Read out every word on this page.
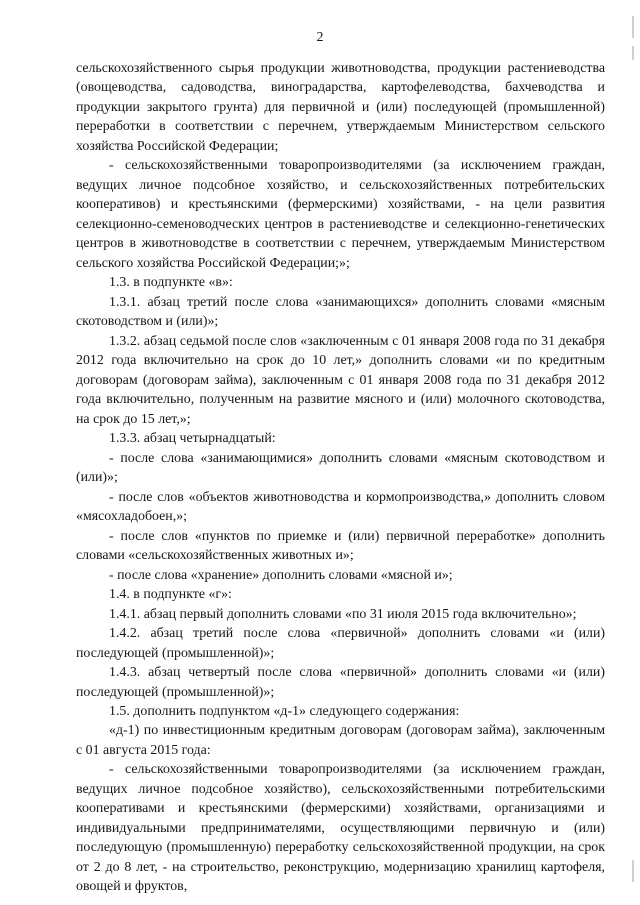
2

сельскохозяйственного сырья продукции животноводства, продукции растениеводства (овощеводства, садоводства, виноградарства, картофелеводства, бахчеводства и продукции закрытого грунта) для первичной и (или) последующей (промышленной) переработки в соответствии с перечнем, утверждаемым Министерством сельского хозяйства Российской Федерации;

- сельскохозяйственными товаропроизводителями (за исключением граждан, ведущих личное подсобное хозяйство, и сельскохозяйственных потребительских кооперативов) и крестьянскими (фермерскими) хозяйствами, - на цели развития селекционно-семеноводческих центров в растениеводстве и селекционно-генетических центров в животноводстве в соответствии с перечнем, утверждаемым Министерством сельского хозяйства Российской Федерации;»;

1.3. в подпункте «в»:

1.3.1. абзац третий после слова «занимающихся» дополнить словами «мясным скотоводством и (или)»;

1.3.2. абзац седьмой после слов «заключенным с 01 января 2008 года по 31 декабря 2012 года включительно на срок до 10 лет,» дополнить словами «и по кредитным договорам (договорам займа), заключенным с 01 января 2008 года по 31 декабря 2012 года включительно, полученным на развитие мясного и (или) молочного скотоводства, на срок до 15 лет,»;

1.3.3. абзац четырнадцатый:

- после слова «занимающимися» дополнить словами «мясным скотоводством и (или)»;

- после слов «объектов животноводства и кормопроизводства,» дополнить словом «мясохладобоен,»;

- после слов «пунктов по приемке и (или) первичной переработке» дополнить словами «сельскохозяйственных животных и»;

- после слова «хранение» дополнить словами «мясной и»;

1.4. в подпункте «г»:

1.4.1. абзац первый дополнить словами «по 31 июля 2015 года включительно»;

1.4.2. абзац третий после слова «первичной» дополнить словами «и (или) последующей (промышленной)»;

1.4.3. абзац четвертый после слова «первичной» дополнить словами «и (или) последующей (промышленной)»;

1.5. дополнить подпунктом «д-1» следующего содержания:

«д-1) по инвестиционным кредитным договорам (договорам займа), заключенным с 01 августа 2015 года:

- сельскохозяйственными товаропроизводителями (за исключением граждан, ведущих личное подсобное хозяйство), сельскохозяйственными потребительскими кооперативами и крестьянскими (фермерскими) хозяйствами, организациями и индивидуальными предпринимателями, осуществляющими первичную и (или) последующую (промышленную) переработку сельскохозяйственной продукции, на срок от 2 до 8 лет, - на строительство, реконструкцию, модернизацию хранилищ картофеля, овощей и фруктов,
